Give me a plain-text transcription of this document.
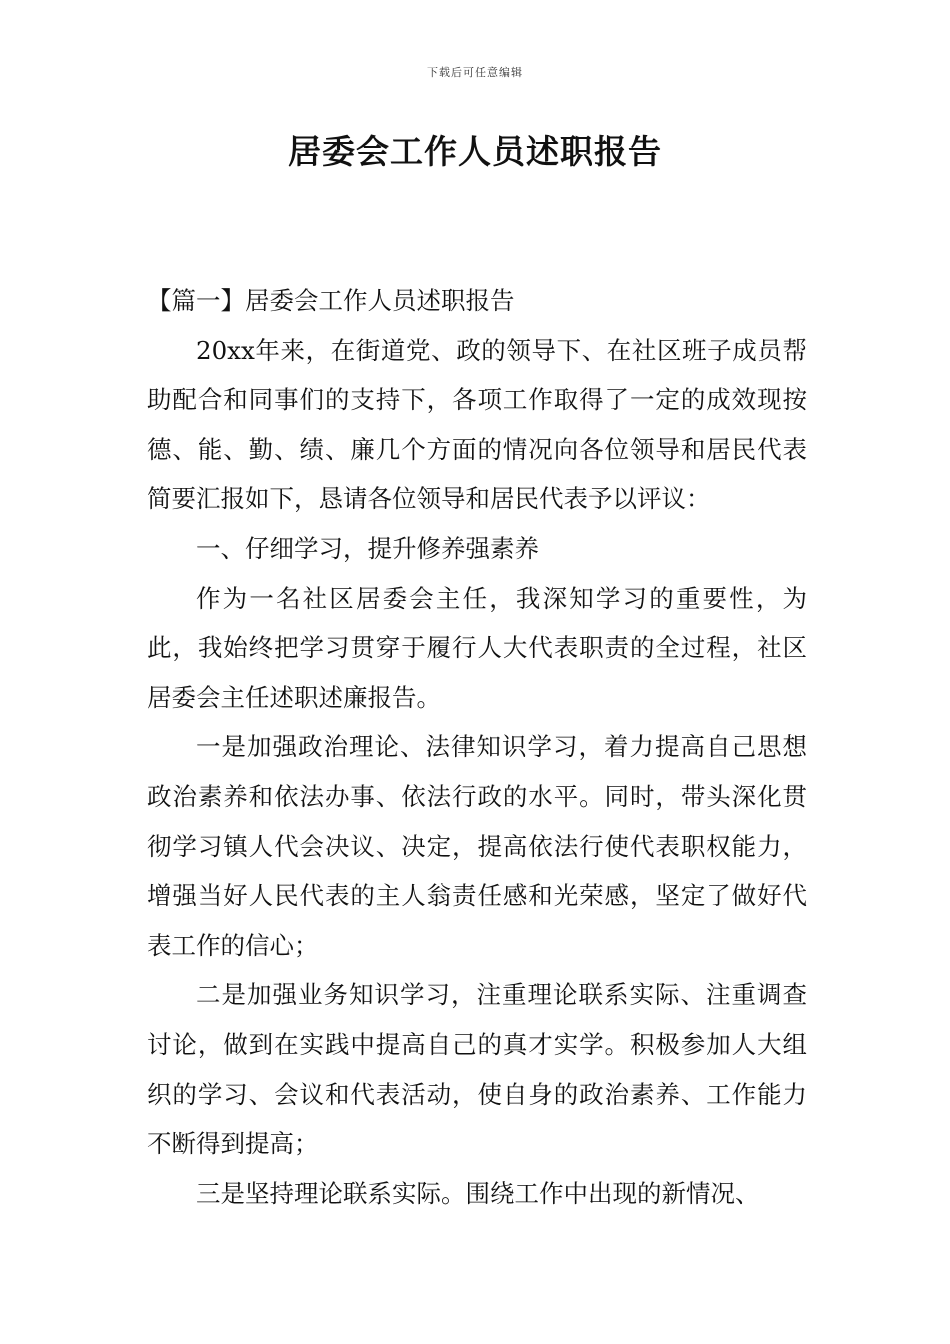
下载后可任意编辑
居委会工作人员述职报告

【篇一】居委会工作人员述职报告

20xx年来，在街道党、政的领导下、在社区班子成员帮助配合和同事们的支持下，各项工作取得了一定的成效现按德、能、勤、绩、廉几个方面的情况向各位领导和居民代表简要汇报如下，恳请各位领导和居民代表予以评议：

一、仔细学习，提升修养强素养

作为一名社区居委会主任，我深知学习的重要性，为此，我始终把学习贯穿于履行人大代表职责的全过程，社区居委会主任述职述廉报告。

一是加强政治理论、法律知识学习，着力提高自己思想政治素养和依法办事、依法行政的水平。同时，带头深化贯彻学习镇人代会决议、决定，提高依法行使代表职权能力，增强当好人民代表的主人翁责任感和光荣感，坚定了做好代表工作的信心；

二是加强业务知识学习，注重理论联系实际、注重调查讨论，做到在实践中提高自己的真才实学。积极参加人大组织的学习、会议和代表活动，使自身的政治素养、工作能力不断得到提高；

三是坚持理论联系实际。围绕工作中出现的新情况、
